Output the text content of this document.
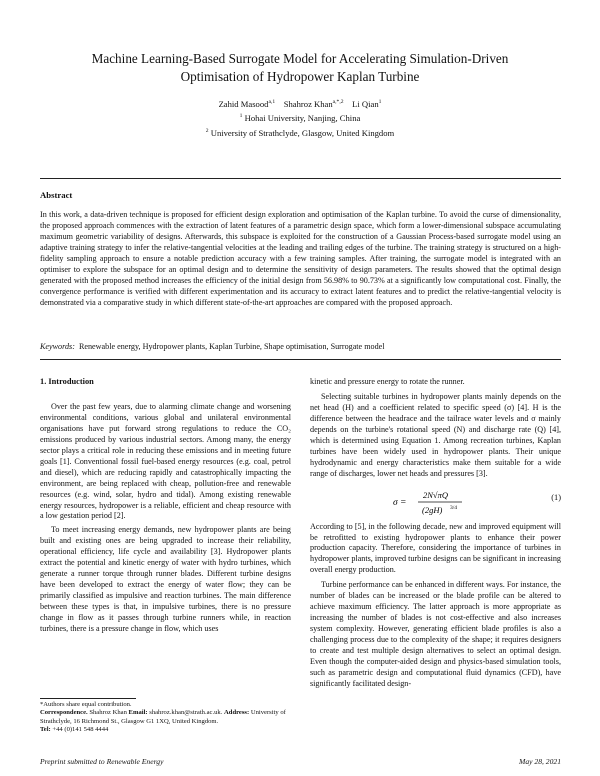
Machine Learning-Based Surrogate Model for Accelerating Simulation-Driven
Optimisation of Hydropower Kaplan Turbine
Zahid Masood$^{a,1}$ Shahroz Khan$^{a,*,2}$ Li Qian$^1$
$^1$ Hohai University, Nanjing, China
$^2$ University of Strathclyde, Glasgow, United Kingdom
Abstract

In this work, a data-driven technique is proposed for efficient design exploration and optimisation of the Kaplan turbine. To avoid the curse of dimensionality, the proposed approach commences with the extraction of latent features of a parametric design space, which form a lower-dimensional subspace accumulating maximum geometric variability of designs. Afterwards, this subspace is exploited for the construction of a Gaussian Process-based surrogate model using an adaptive training strategy to infer the relative-tangential velocities at the leading and trailing edges of the turbine. The training strategy is structured on a high-fidelity sampling approach to ensure a notable prediction accuracy with a few training samples. After training, the surrogate model is integrated with an optimiser to explore the subspace for an optimal design and to determine the sensitivity of design parameters. The results showed that the optimal design generated with the proposed method increases the efficiency of the initial design from 56.98% to 90.73% at a significantly low computational cost. Finally, the convergence performance is verified with different experimentation and its accuracy to extract latent features and to predict the relative-tangential velocity is demonstrated via a comparative study in which different state-of-the-art approaches are compared with the proposed approach.

Keywords: Renewable energy, Hydropower plants, Kaplan Turbine, Shape optimisation, Surrogate model
1. Introduction

Over the past few years, due to alarming climate change and worsening environmental conditions, various global and unilateral environmental organisations have put forward strong regulations to reduce the CO₂ emissions produced by various industrial sectors. Among many, the energy sector plays a critical role in reducing these emissions and in meeting future goals [1]. Conventional fossil fuel-based energy resources (e.g. coal, petrol and diesel), which are reducing rapidly and catastrophically impacting the environment, are being replaced with cheap, pollution-free and renewable resources (e.g. wind, solar, hydro and tidal). Among existing renewable energy resources, hydropower is a reliable, efficient and cheap resource with a low gestation period [2].

To meet increasing energy demands, new hydropower plants are being built and existing ones are being upgraded to increase their reliability, operational efficiency, life cycle and availability [3]. Hydropower plants extract the potential and kinetic energy of water with hydro turbines, which generate a runner torque through runner blades. Different turbine designs have been developed to extract the energy of water flow; they can be primarily classified as impulsive and reaction turbines. The main difference between these types is that, in impulsive turbines, there is no pressure change in flow as it passes through turbine runners while, in reaction turbines, there is a pressure change in flow, which uses

kinetic and pressure energy to rotate the runner.

Selecting suitable turbines in hydropower plants mainly depends on the net head (H) and a coefficient related to specific speed (σ) [4]. H is the difference between the headrace and the tailrace water levels and σ mainly depends on the turbine's rotational speed (N) and discharge rate (Q) [4], which is determined using Equation 1. Among recreation turbines, Kaplan turbines have been widely used in hydropower plants. Their unique hydrodynamic and energy characteristics make them suitable for a wide range of discharges, lower net heads and pressures [3].

σ =
2N√πQ
(2gH) 3/4
(1)

According to [5], in the following decade, new and improved equipment will be retrofitted to existing hydropower plants to enhance their power production capacity. Therefore, considering the importance of turbines in hydropower plants, improved turbine designs can be significant in increasing overall energy production.

Turbine performance can be enhanced in different ways. For instance, the number of blades can be increased or the blade profile can be altered to achieve maximum efficiency. The latter approach is more appropriate as increasing the number of blades is not cost-effective and also increases system complexity. However, generating efficient blade profiles is also a challenging process due to the complexity of the shape; it requires designers to create and test multiple design alternatives to select an optimal design. Even though the computer-aided design and physics-based simulation tools, such as parametric design and computational fluid dynamics (CFD), have significantly facilitated design-

*Authors share equal contribution.
Correspondence. Shahroz Khan Email: shahroz.khan@strath.ac.uk. Address: University of Strathclyde, 16 Richmond St., Glasgow G1 1XQ, United Kingdom.
Tel: +44 (0)141 548 4444
Preprint submitted to Renewable Energy	May 28, 2021
